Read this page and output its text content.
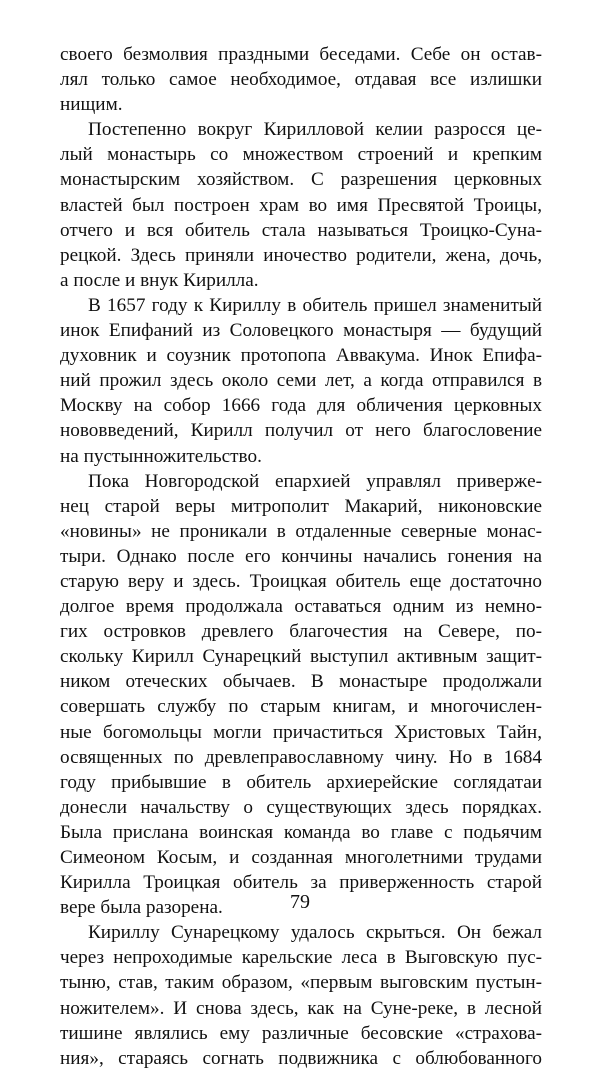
своего безмолвия праздными беседами. Себе он остав-
лял только самое необходимое, отдавая все излишки
нищим.
Постепенно вокруг Кирилловой келии разросся це-
лый монастырь со множеством строений и крепким
монастырским хозяйством. С разрешения церковных
властей был построен храм во имя Пресвятой Троицы,
отчего и вся обитель стала называться Троицко-Суна-
рецкой. Здесь приняли иночество родители, жена, дочь,
а после и внук Кирилла.
В 1657 году к Кириллу в обитель пришел знаменитый
инок Епифаний из Соловецкого монастыря — будущий
духовник и соузник протопопа Аввакума. Инок Епифа-
ний прожил здесь около семи лет, а когда отправился в
Москву на собор 1666 года для обличения церковных
нововведений, Кирилл получил от него благословение
на пустынножительство.
Пока Новгородской епархией управлял привержe-
нец старой веры митрополит Макарий, никоновские
«новины» не проникали в отдаленные северные монас-
тыри. Однако после его кончины начались гонения на
старую веру и здесь. Троицкая обитель еще достаточно
долгое время продолжала оставаться одним из немно-
гих островков древлего благочестия на Севере, по-
скольку Кирилл Сунарецкий выступил активным защит-
ником отеческих обычаев. В монастыре продолжали
совершать службу по старым книгам, и многочислен-
ные богомольцы могли причаститься Христовых Тайн,
освященных по древлеправославному чину. Но в 1684
году прибывшие в обитель архиерейские соглядатаи
донесли начальству о существующих здесь порядках.
Была прислана воинская команда во главе с подьячим
Симеоном Косым, и созданная многолетними трудами
Кирилла Троицкая обитель за приверженность старой
вере была разорена.
Кириллу Сунарецкому удалось скрыться. Он бежал
через непроходимые карельские леса в Выговскую пус-
тыню, став, таким образом, «первым выговским пустын-
ножителем». И снова здесь, как на Суне-реке, в лесной
тишине являлись ему различные бесовские «страхова-
ния», стараясь согнать подвижника с облюбованного
79
